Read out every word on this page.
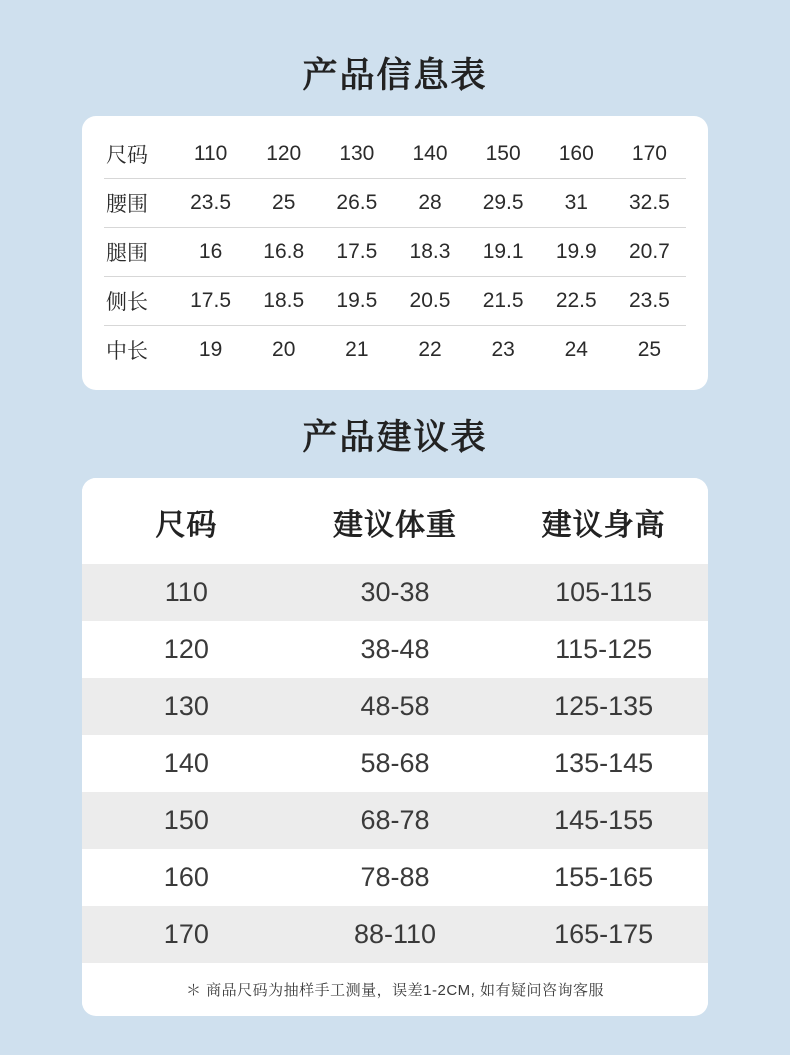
产品信息表
尺码	110	120	130	140	150	160	170
腰围	23.5	25	26.5	28	29.5	31	32.5
腿围	16	16.8	17.5	18.3	19.1	19.9	20.7
侧长	17.5	18.5	19.5	20.5	21.5	22.5	23.5
中长	19	20	21	22	23	24	25
产品建议表
尺码	建议体重	建议身高
110	30-38	105-115
120	38-48	115-125
130	48-58	125-135
140	58-68	135-145
150	68-78	145-155
160	78-88	155-165
170	88-110	165-175
＊ 商品尺码为抽样手工测量，误差1-2CM, 如有疑问咨询客服
